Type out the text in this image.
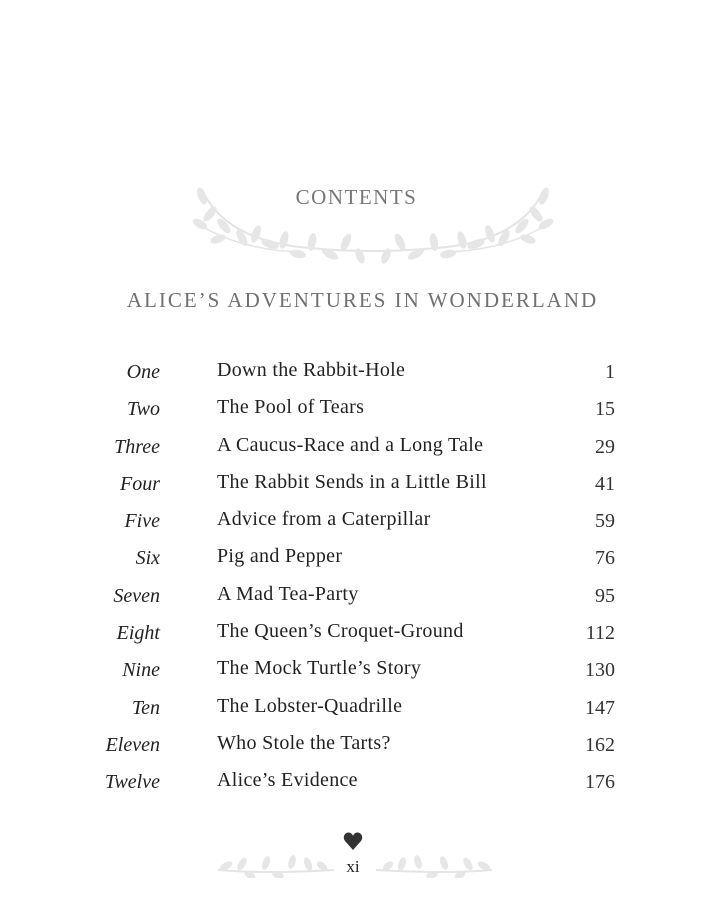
CONTENTS
ALICE’S ADVENTURES IN WONDERLAND
One	Down the Rabbit-Hole	1
Two	The Pool of Tears	15
Three	A Caucus-Race and a Long Tale	29
Four	The Rabbit Sends in a Little Bill	41
Five	Advice from a Caterpillar	59
Six	Pig and Pepper	76
Seven	A Mad Tea-Party	95
Eight	The Queen’s Croquet-Ground	112
Nine	The Mock Turtle’s Story	130
Ten	The Lobster-Quadrille	147
Eleven	Who Stole the Tarts?	162
Twelve	Alice’s Evidence	176
xi
